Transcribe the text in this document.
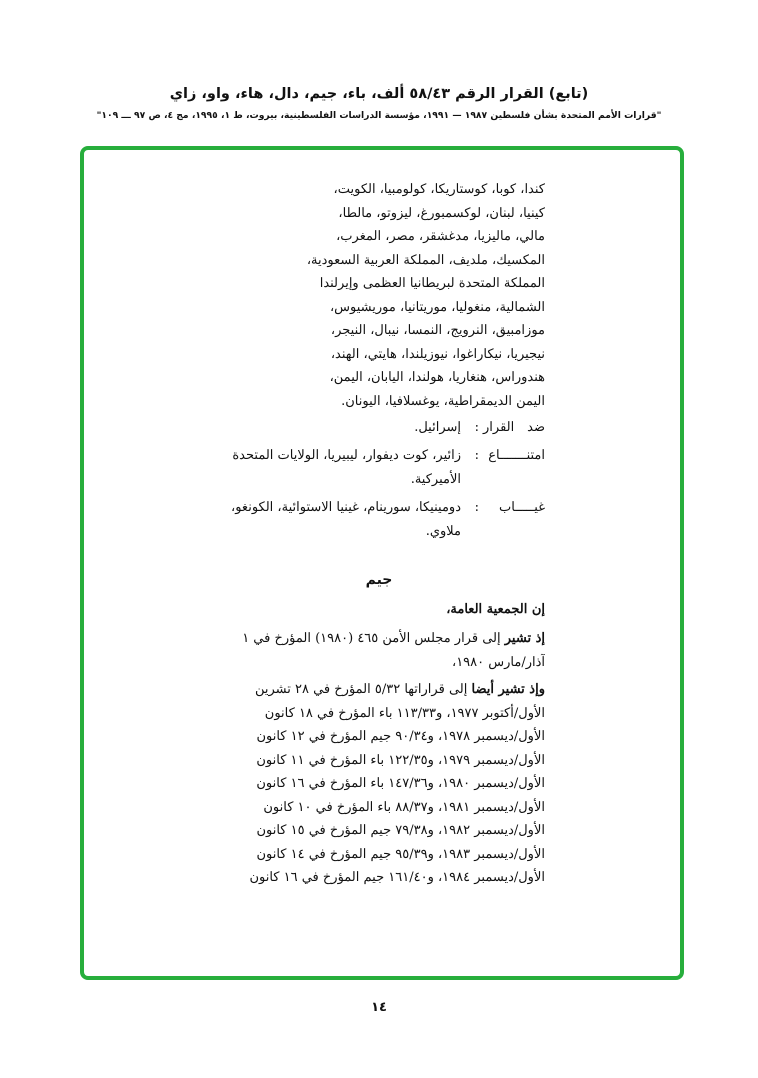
(تابع) القرار الرقم ٥٨/٤٣ ألف، باء، جيم، دال، هاء، واو، زاي
"قرارات الأمم المتحدة بشأن فلسطين ١٩٨٧ — ١٩٩١، مؤسسة الدراسات الفلسطينية، بيروت، ط ١، ١٩٩٥، مج ٤، ص ٩٧ ـــ ١٠٩"
كندا، كوبا، كوستاريكا، كولومبيا، الكويت،
كينيا، لبنان، لوكسمبورغ، ليزوتو، مالطا،
مالي، ماليزيا، مدغشقر، مصر، المغرب،
المكسيك، ملديف، المملكة العربية السعودية،
المملكة المتحدة لبريطانيا العظمى وإيرلندا
الشمالية، منغوليا، موريتانيا، موريشيوس،
موزامبيق، النرويج، النمسا، نيبال، النيجر،
نيجيريا، نيكاراغوا، نيوزيلندا، هايتي، الهند،
هندوراس، هنغاريا، هولندا، اليابان، اليمن،
اليمن الديمقراطية، يوغسلافيا، اليونان.
ضد القرار
:
إسرائيل.
امتنـــــــاع
:
زائير، كوت ديفوار، ليبيريا، الولايات المتحدة
الأميركية.
غيـــــاب
:
دومينيكا، سورينام، غينيا الاستوائية، الكونغو،
ملاوي.
جيم
إن الجمعية العامة،
إذ تشير إلى قرار مجلس الأمن ٤٦٥ (١٩٨٠) المؤرخ في ١
آذار/مارس ١٩٨٠،
وإذ تشير أيضا إلى قراراتها ٥/٣٢ المؤرخ في ٢٨ تشرين
الأول/أكتوبر ١٩٧٧، و١١٣/٣٣ باء المؤرخ في ١٨ كانون
الأول/ديسمبر ١٩٧٨، و٩٠/٣٤ جيم المؤرخ في ١٢ كانون
الأول/ديسمبر ١٩٧٩، و١٢٢/٣٥ باء المؤرخ في ١١ كانون
الأول/ديسمبر ١٩٨٠، و١٤٧/٣٦ باء المؤرخ في ١٦ كانون
الأول/ديسمبر ١٩٨١، و٨٨/٣٧ باء المؤرخ في ١٠ كانون
الأول/ديسمبر ١٩٨٢، و٧٩/٣٨ جيم المؤرخ في ١٥ كانون
الأول/ديسمبر ١٩٨٣، و٩٥/٣٩ جيم المؤرخ في ١٤ كانون
الأول/ديسمبر ١٩٨٤، و١٦١/٤٠ جيم المؤرخ في ١٦ كانون
١٤
